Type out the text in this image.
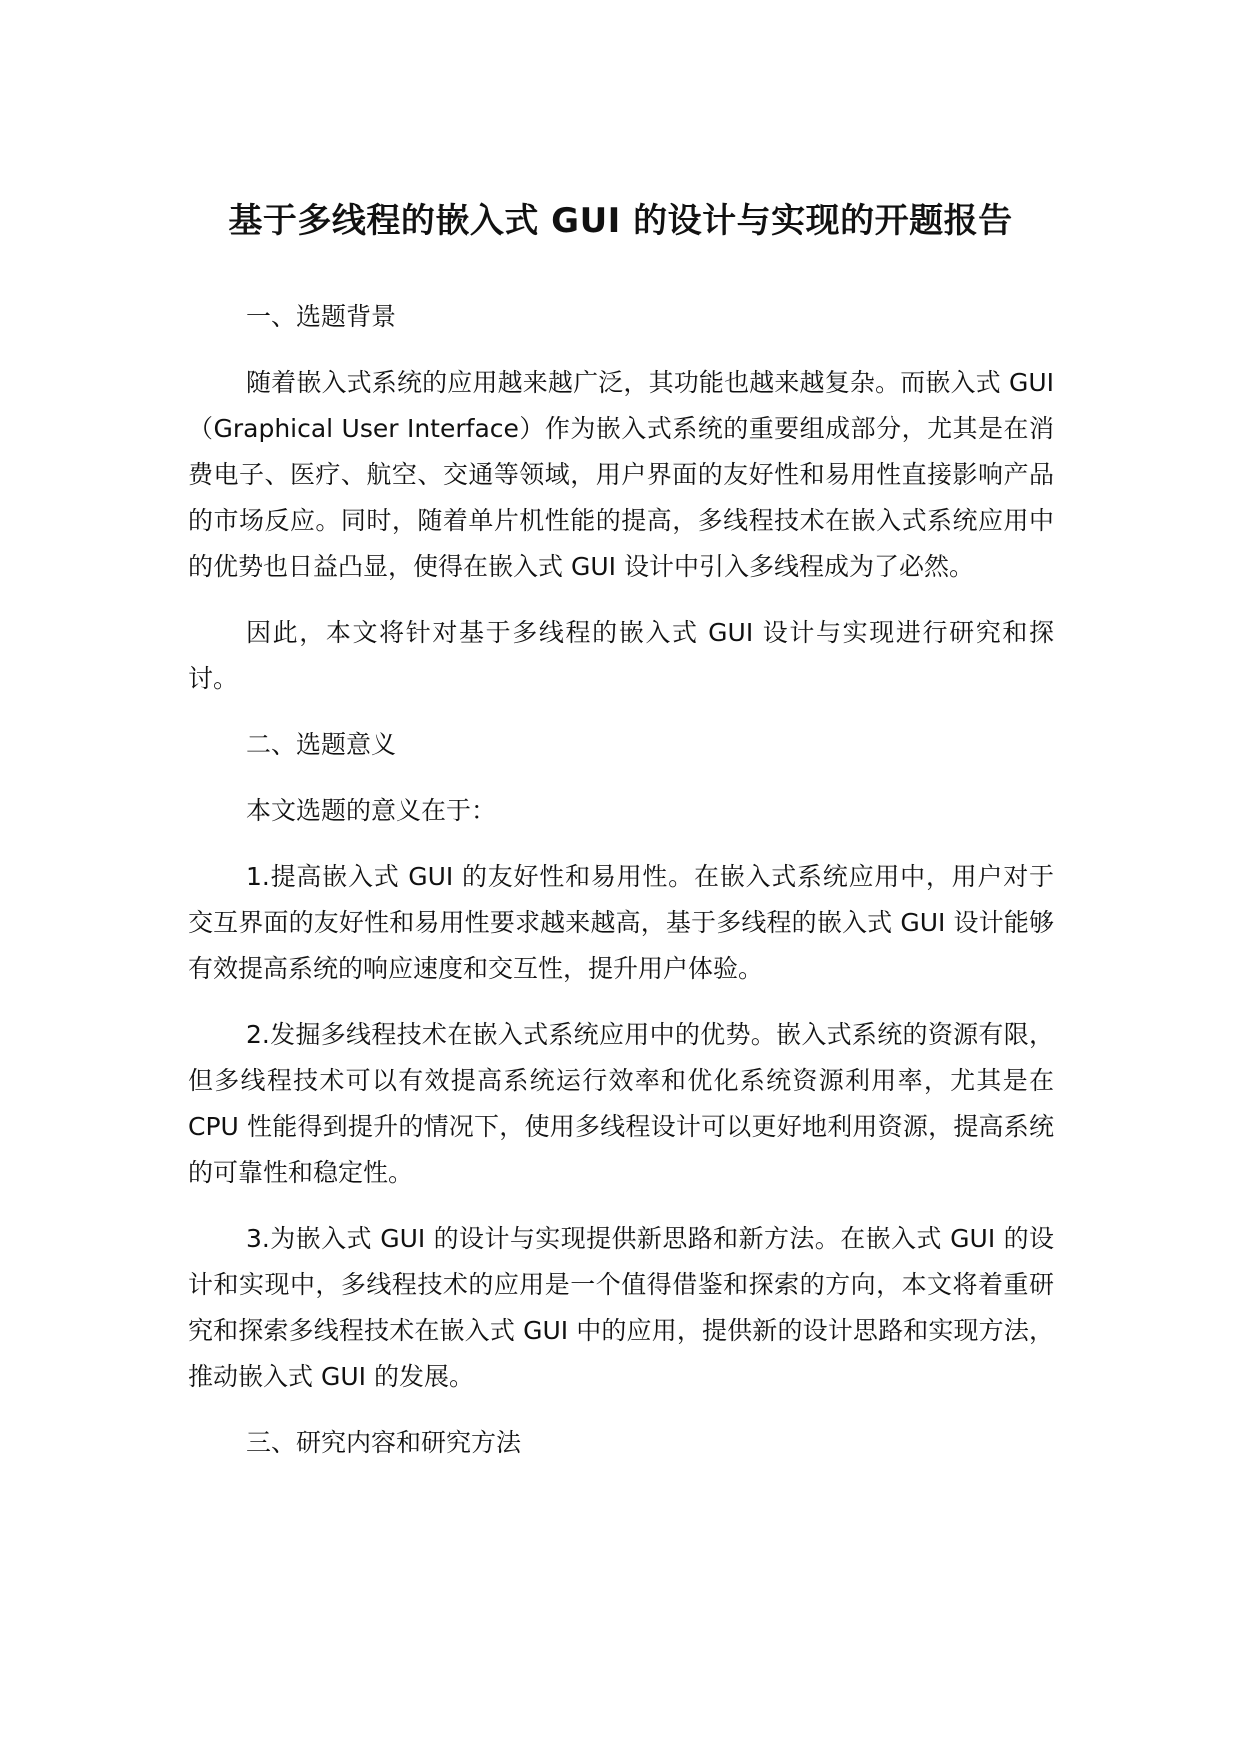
基于多线程的嵌入式 GUI 的设计与实现的开题报告

一、选题背景

随着嵌入式系统的应用越来越广泛，其功能也越来越复杂。而嵌入式 GUI（Graphical User Interface）作为嵌入式系统的重要组成部分，尤其是在消费电子、医疗、航空、交通等领域，用户界面的友好性和易用性直接影响产品的市场反应。同时，随着单片机性能的提高，多线程技术在嵌入式系统应用中的优势也日益凸显，使得在嵌入式 GUI 设计中引入多线程成为了必然。

因此，本文将针对基于多线程的嵌入式 GUI 设计与实现进行研究和探讨。

二、选题意义

本文选题的意义在于：

1.提高嵌入式 GUI 的友好性和易用性。在嵌入式系统应用中，用户对于交互界面的友好性和易用性要求越来越高，基于多线程的嵌入式 GUI 设计能够有效提高系统的响应速度和交互性，提升用户体验。

2.发掘多线程技术在嵌入式系统应用中的优势。嵌入式系统的资源有限，但多线程技术可以有效提高系统运行效率和优化系统资源利用率，尤其是在 CPU 性能得到提升的情况下，使用多线程设计可以更好地利用资源，提高系统的可靠性和稳定性。

3.为嵌入式 GUI 的设计与实现提供新思路和新方法。在嵌入式 GUI 的设计和实现中，多线程技术的应用是一个值得借鉴和探索的方向，本文将着重研究和探索多线程技术在嵌入式 GUI 中的应用，提供新的设计思路和实现方法，推动嵌入式 GUI 的发展。

三、研究内容和研究方法
